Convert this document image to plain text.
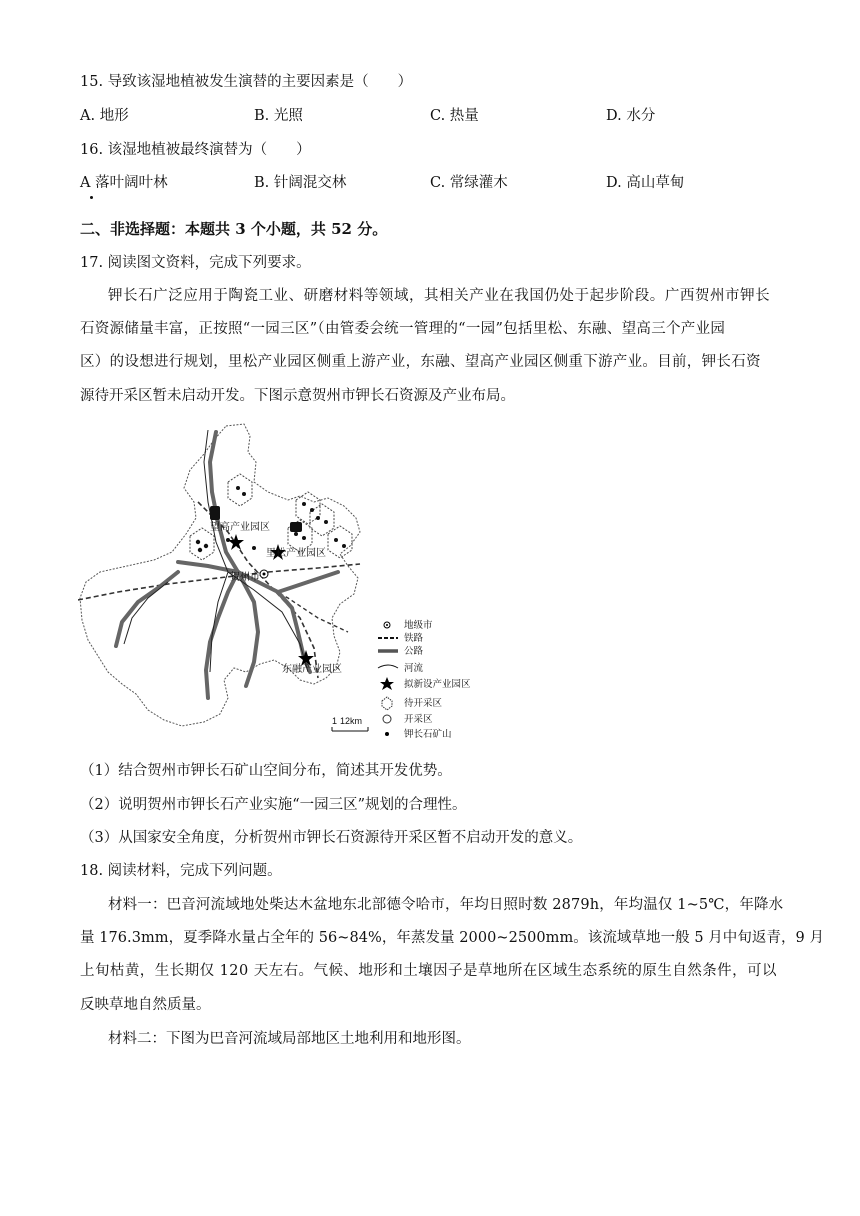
15. 导致该湿地植被发生演替的主要因素是（　　）
A. 地形	B. 光照	C. 热量	D. 水分
16. 该湿地植被最终演替为（　　）
A 落叶阔叶林	B. 针阔混交林	C. 常绿灌木	D. 高山草甸
二、非选择题：本题共 3 个小题，共 52 分。
17. 阅读图文资料，完成下列要求。
钾长石广泛应用于陶瓷工业、研磨材料等领域，其相关产业在我国仍处于起步阶段。广西贺州市钾长
石资源储量丰富，正按照“一园三区”（由管委会统一管理的“一园”包括里松、东融、望高三个产业园
区）的设想进行规划，里松产业园区侧重上游产业，东融、望高产业园区侧重下游产业。目前，钾长石资
源待开采区暂未启动开发。下图示意贺州市钾长石资源及产业布局。
望高产业园区
里松产业园区
贺州市
东融产业园区
地级市
铁路
公路
河流
拟新设产业园区
待开采区
开采区
钾长石矿山
1 12km
（1）结合贺州市钾长石矿山空间分布，简述其开发优势。
（2）说明贺州市钾长石产业实施“一园三区”规划的合理性。
（3）从国家安全角度，分析贺州市钾长石资源待开采区暂不启动开发的意义。
18. 阅读材料，完成下列问题。
材料一：巴音河流域地处柴达木盆地东北部德令哈市，年均日照时数 2879h，年均温仅 1~5℃，年降水
量 176.3mm，夏季降水量占全年的 56~84%，年蒸发量 2000~2500mm。该流域草地一般 5 月中旬返青，9 月
上旬枯黄，生长期仅 120 天左右。气候、地形和土壤因子是草地所在区域生态系统的原生自然条件，可以
反映草地自然质量。
材料二：下图为巴音河流域局部地区土地利用和地形图。
